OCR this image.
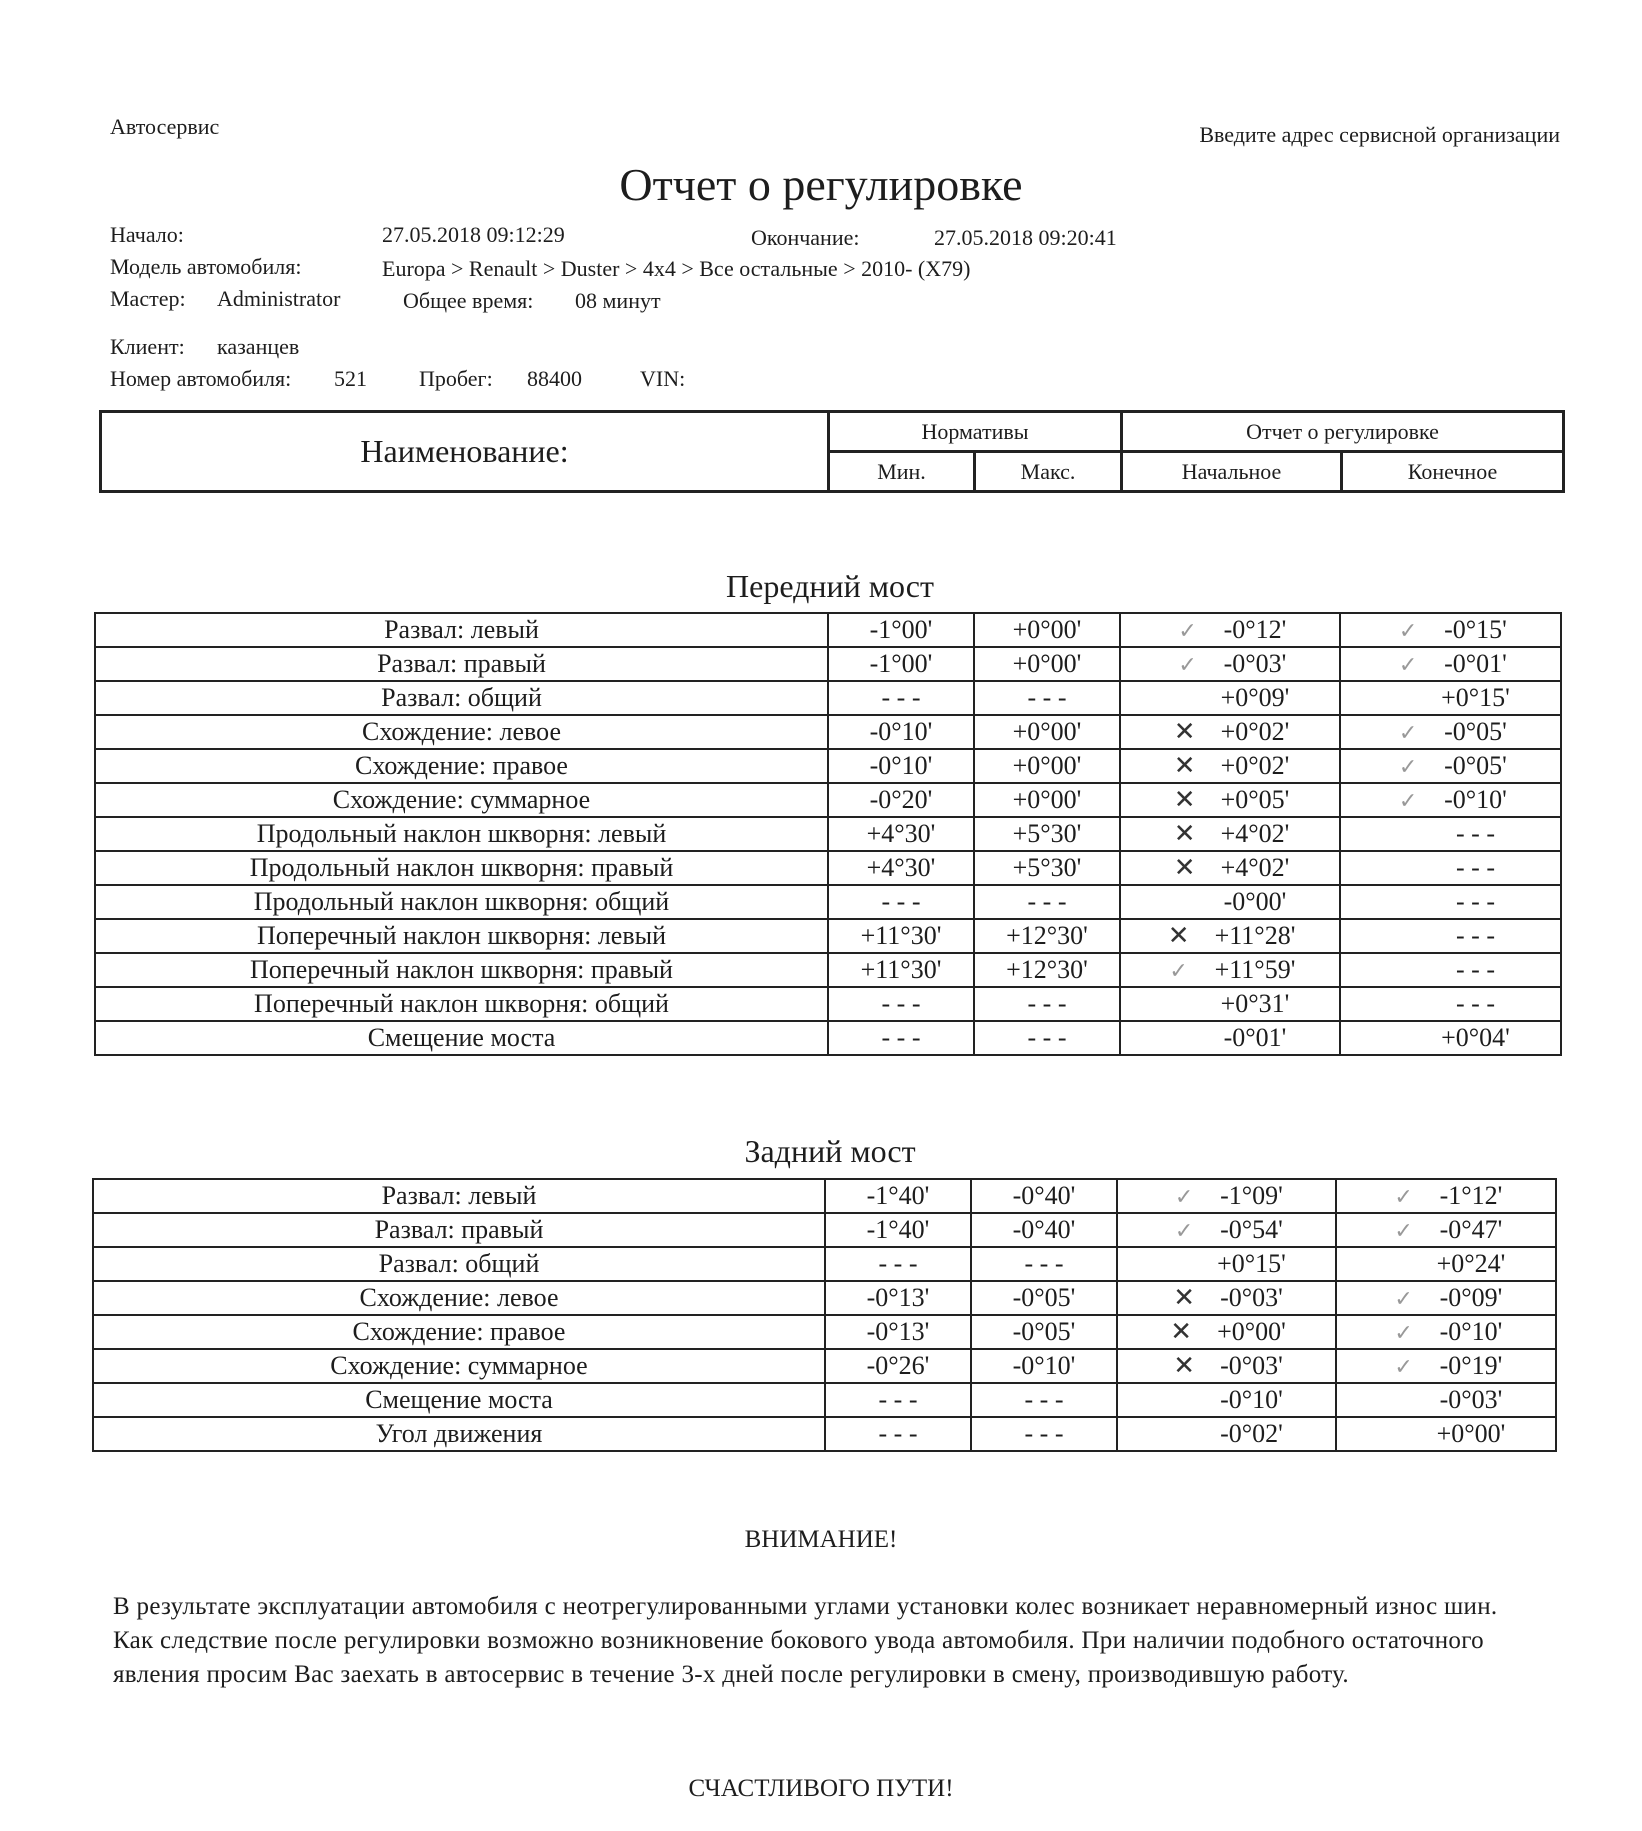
Автосервис	Введите адрес сервисной организации
Отчет о регулировке
Начало:	27.05.2018 09:12:29	Окончание:	27.05.2018 09:20:41
Модель автомобиля:	Europa > Renault > Duster > 4x4 > Все остальные > 2010- (X79)
Мастер: Administrator	Общее время: 08 минут
Клиент: казанцев
Номер автомобиля: 521 Пробег: 88400	VIN:
Наименование:	Нормативы		Отчет о регулировке	
	Мин.	Макс.	Начальное	Конечное
Передний мост
Развал: левый	-1°00'	+0°00'	✓ -0°12'	✓ -0°15'
Развал: правый	-1°00'	+0°00'	✓ -0°03'	✓ -0°01'
Развал: общий	- - -	- - -	+0°09'	+0°15'
Схождение: левое	-0°10'	+0°00'	✕ +0°02'	✓ -0°05'
Схождение: правое	-0°10'	+0°00'	✕ +0°02'	✓ -0°05'
Схождение: суммарное	-0°20'	+0°00'	✕ +0°05'	✓ -0°10'
Продольный наклон шкворня: левый	+4°30'	+5°30'	✕ +4°02'	- - -
Продольный наклон шкворня: правый	+4°30'	+5°30'	✕ +4°02'	- - -
Продольный наклон шкворня: общий	- - -	- - -	-0°00'	- - -
Поперечный наклон шкворня: левый	+11°30'	+12°30'	✕ +11°28'	- - -
Поперечный наклон шкворня: правый	+11°30'	+12°30'	✓ +11°59'	- - -
Поперечный наклон шкворня: общий	- - -	- - -	+0°31'	- - -
Смещение моста	- - -	- - -	-0°01'	+0°04'
Задний мост
Развал: левый	-1°40'	-0°40'	✓ -1°09'	✓ -1°12'
Развал: правый	-1°40'	-0°40'	✓ -0°54'	✓ -0°47'
Развал: общий	- - -	- - -	+0°15'	+0°24'
Схождение: левое	-0°13'	-0°05'	✕ -0°03'	✓ -0°09'
Схождение: правое	-0°13'	-0°05'	✕ +0°00'	✓ -0°10'
Схождение: суммарное	-0°26'	-0°10'	✕ -0°03'	✓ -0°19'
Смещение моста	- - -	- - -	-0°10'	-0°03'
Угол движения	- - -	- - -	-0°02'	+0°00'
ВНИМАНИЕ!
В результате эксплуатации автомобиля с неотрегулированными углами установки колес возникает неравномерный износ шин. Как следствие после регулировки возможно возникновение бокового увода автомобиля. При наличии подобного остаточного явления просим Вас заехать в автосервис в течение 3-х дней после регулировки в смену, производившую работу.
СЧАСТЛИВОГО ПУТИ!
